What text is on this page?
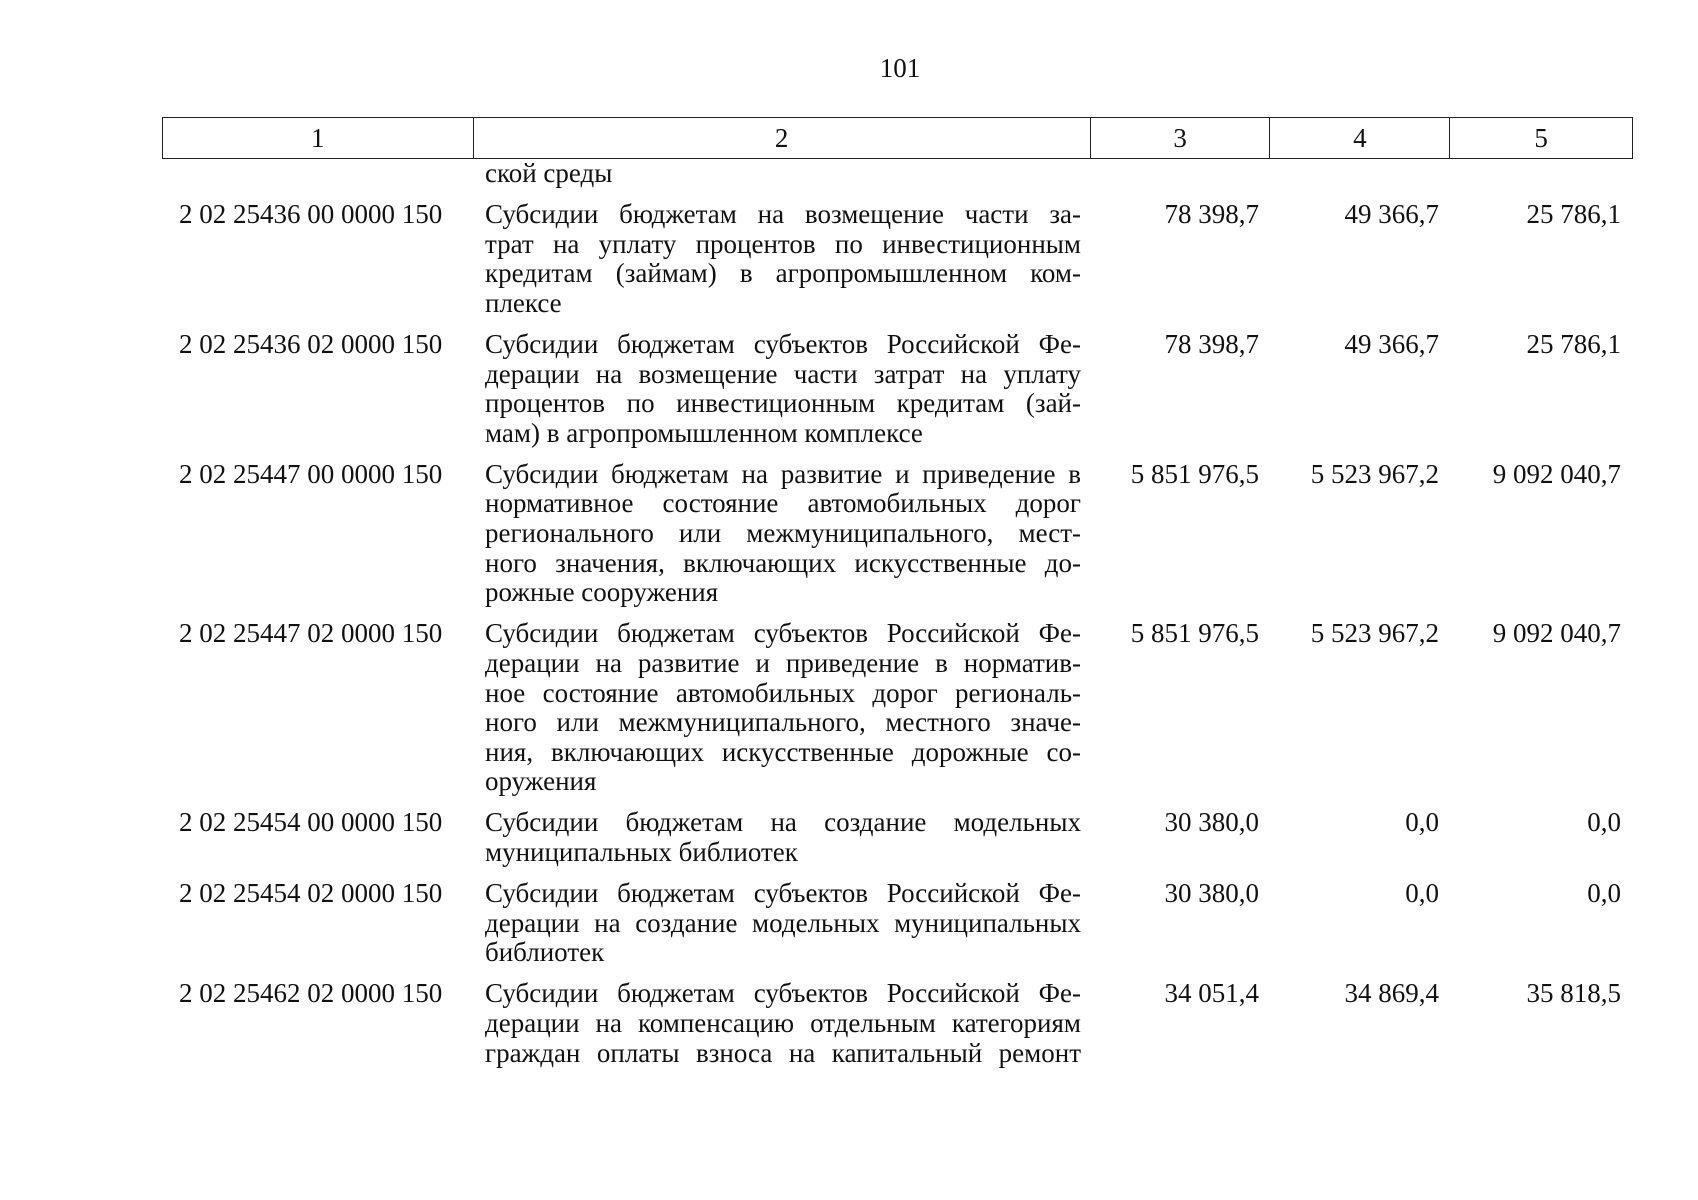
101
1	2	3	4	5
ской среды
2 02 25436 00 0000 150	Субсидии бюджетам на возмещение части за-
трат на уплату процентов по инвестиционным
кредитам (займам) в агропромышленном ком-
плексе
78 398,7	49 366,7	25 786,1
2 02 25436 02 0000 150	Субсидии бюджетам субъектов Российской Фе-
дерации на возмещение части затрат на уплату
процентов по инвестиционным кредитам (зай-
мам) в агропромышленном комплексе
78 398,7	49 366,7	25 786,1
2 02 25447 00 0000 150	Субсидии бюджетам на развитие и приведение в
нормативное состояние автомобильных дорог
регионального или межмуниципального, мест-
ного значения, включающих искусственные до-
рожные сооружения
5 851 976,5	5 523 967,2	9 092 040,7
2 02 25447 02 0000 150	Субсидии бюджетам субъектов Российской Фе-
дерации на развитие и приведение в норматив-
ное состояние автомобильных дорог региональ-
ного или межмуниципального, местного значе-
ния, включающих искусственные дорожные со-
оружения
5 851 976,5	5 523 967,2	9 092 040,7
2 02 25454 00 0000 150	Субсидии бюджетам на создание модельных
муниципальных библиотек
30 380,0	0,0	0,0
2 02 25454 02 0000 150	Субсидии бюджетам субъектов Российской Фе-
дерации на создание модельных муниципальных
библиотек
30 380,0	0,0	0,0
2 02 25462 02 0000 150	Субсидии бюджетам субъектов Российской Фе-
дерации на компенсацию отдельным категориям
граждан оплаты взноса на капитальный ремонт
34 051,4	34 869,4	35 818,5
